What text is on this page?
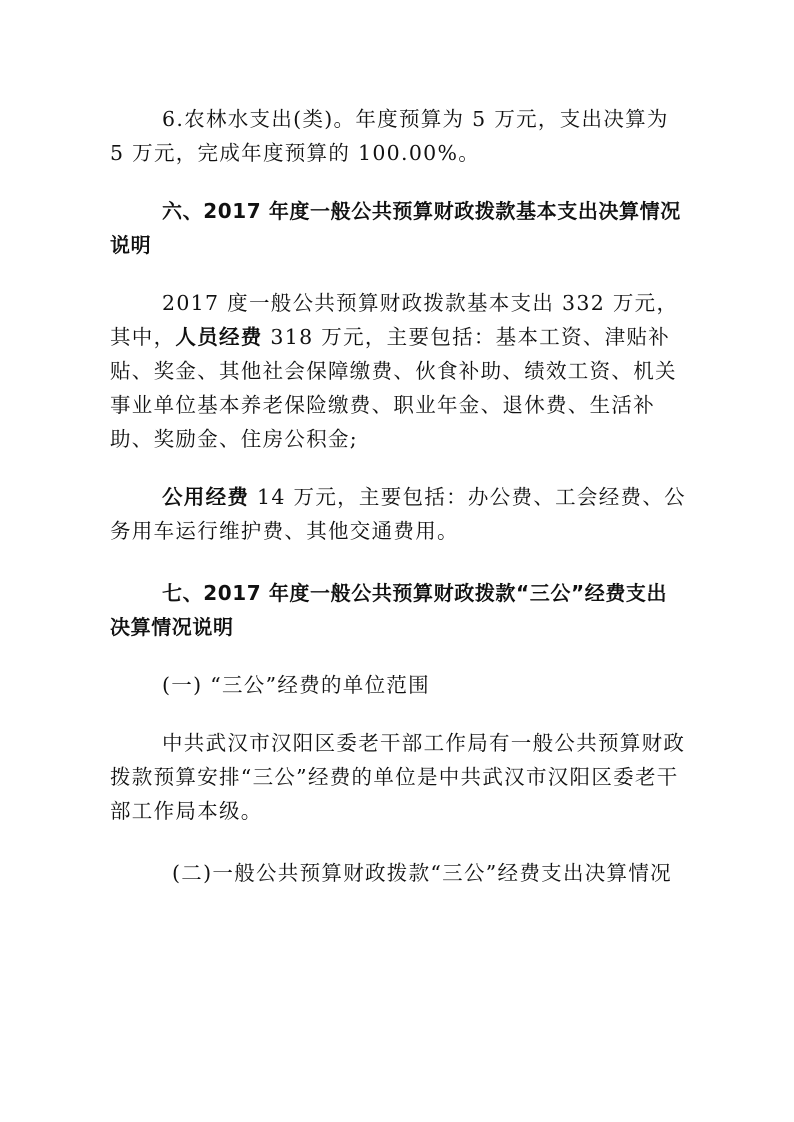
6.农林水支出(类)。年度预算为 5 万元，支出决算为 5 万元，完成年度预算的 100.00%。

六、2017 年度一般公共预算财政拨款基本支出决算情况说明

2017 度一般公共预算财政拨款基本支出 332 万元，其中，人员经费 318 万元，主要包括：基本工资、津贴补贴、奖金、其他社会保障缴费、伙食补助、绩效工资、机关事业单位基本养老保险缴费、职业年金、退休费、生活补助、奖励金、住房公积金;

公用经费 14 万元，主要包括：办公费、工会经费、公务用车运行维护费、其他交通费用。

七、2017 年度一般公共预算财政拨款“三公”经费支出决算情况说明

(一) “三公”经费的单位范围

中共武汉市汉阳区委老干部工作局有一般公共预算财政拨款预算安排“三公”经费的单位是中共武汉市汉阳区委老干部工作局本级。

(二)一般公共预算财政拨款“三公”经费支出决算情况
